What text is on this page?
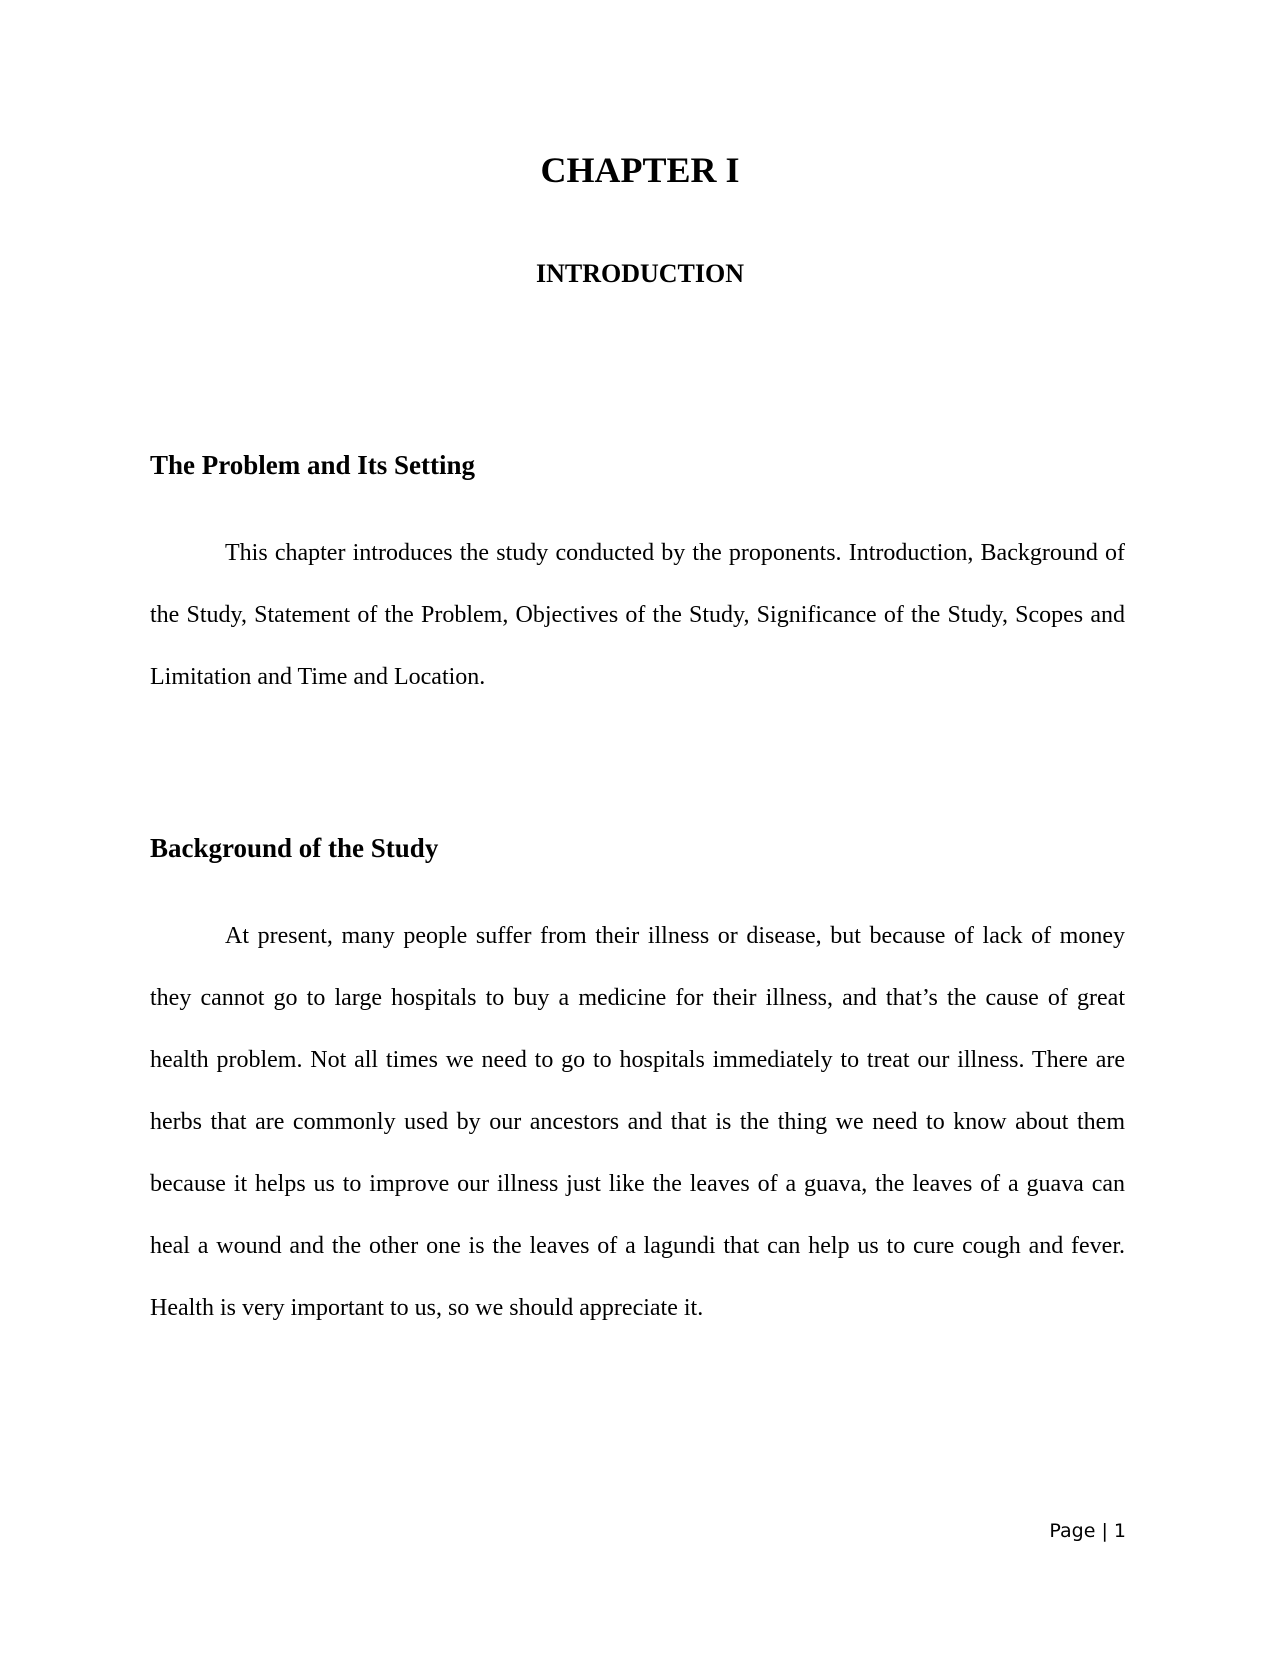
CHAPTER I
INTRODUCTION
The Problem and Its Setting

This chapter introduces the study conducted by the proponents. Introduction, Background of the Study, Statement of the Problem, Objectives of the Study, Significance of the Study, Scopes and Limitation and Time and Location.

Background of the Study

At present, many people suffer from their illness or disease, but because of lack of money they cannot go to large hospitals to buy a medicine for their illness, and that’s the cause of great health problem. Not all times we need to go to hospitals immediately to treat our illness. There are herbs that are commonly used by our ancestors and that is the thing we need to know about them because it helps us to improve our illness just like the leaves of a guava, the leaves of a guava can heal a wound and the other one is the leaves of a lagundi that can help us to cure cough and fever. Health is very important to us, so we should appreciate it.

Page | 1
